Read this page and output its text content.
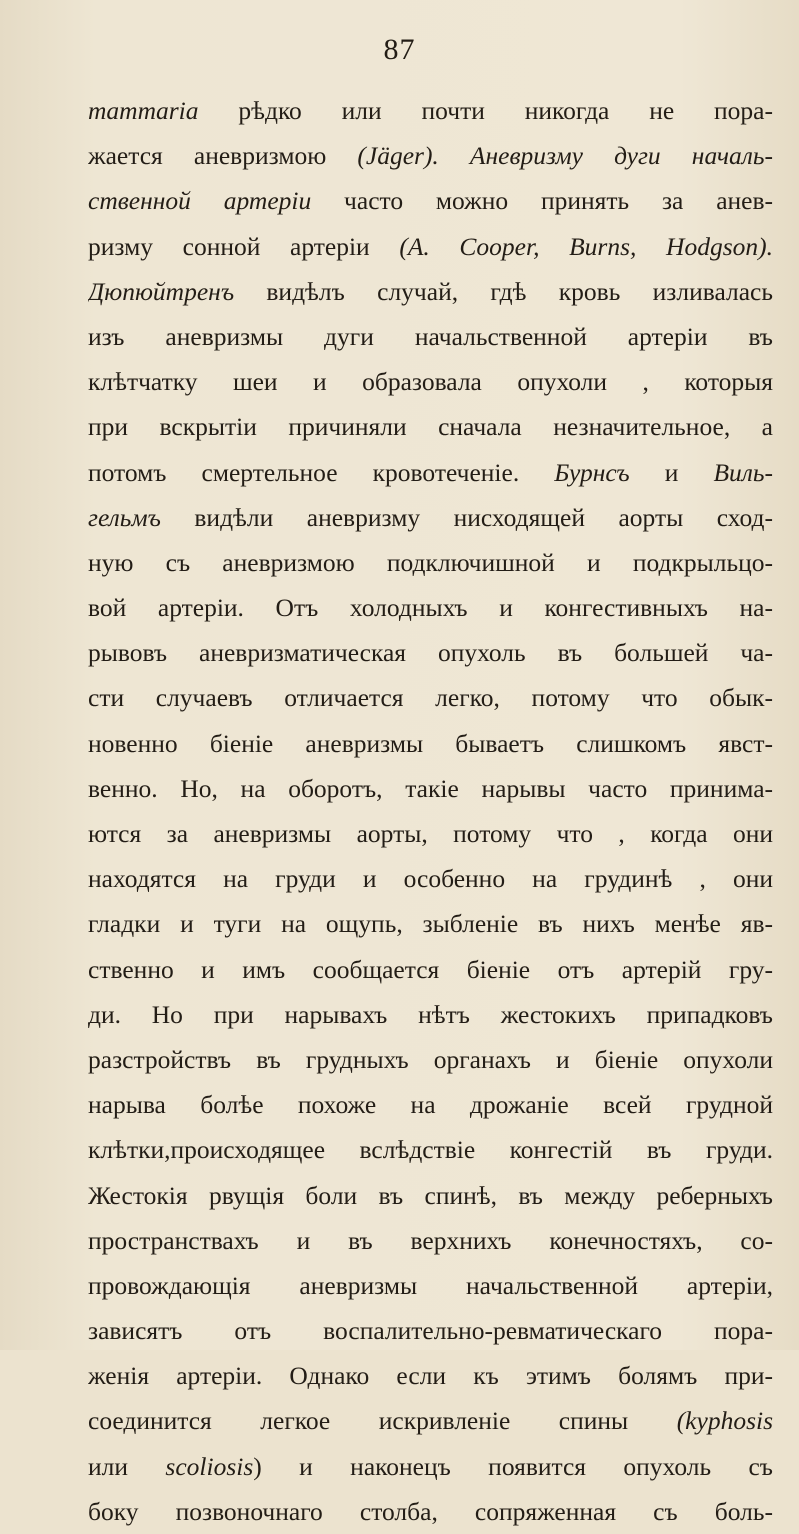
87
mammaria рѣдко или почти никогда не пора-
жается аневризмою (Jäger). Аневризму дуги началь-
ственной артеріи часто можно принять за анев-
ризму сонной артеріи (A. Cooper, Burns, Hodgson).
Дюпюйтренъ видѣлъ случай, гдѣ кровь изливалась
изъ аневризмы дуги начальственной артеріи въ
клѣтчатку шеи и образовала опухоли , которыя
при вскрытіи причиняли сначала незначительное, а
потомъ смертельное кровотеченіе. Бурнсъ и Виль-
гельмъ видѣли аневризму нисходящей аорты сход-
ную съ аневризмою подключишной и подкрыльцо-
вой артеріи. Отъ холодныхъ и конгестивныхъ на-
рывовъ аневризматическая опухоль въ большей ча-
сти случаевъ отличается легко, потому что обык-
новенно біеніе аневризмы бываетъ слишкомъ явст-
венно. Но, на оборотъ, такіе нарывы часто принима-
ются за аневризмы аорты, потому что , когда они
находятся на груди и особенно на грудинѣ , они
гладки и туги на ощупь, зыбленіе въ нихъ менѣе яв-
ственно и имъ сообщается біеніе отъ артерій гру-
ди. Но при нарывахъ нѣтъ жестокихъ припадковъ
разстройствъ въ грудныхъ органахъ и біеніе опухоли
нарыва болѣе похоже на дрожаніе всей грудной
клѣтки,происходящее вслѣдствіе конгестій въ груди.
Жестокія рвущія боли въ спинѣ, въ между реберныхъ
пространствахъ и въ верхнихъ конечностяхъ, со-
провождающія аневризмы начальственной артеріи,
зависятъ отъ воспалительно-ревматическаго пора-
женія артеріи. Однако если къ этимъ болямъ при-
соединится легкое искривленіе спины (kyphosis
или scoliosis) и наконецъ появится опухоль съ
боку позвоночнаго столба, сопряженная съ боль-
